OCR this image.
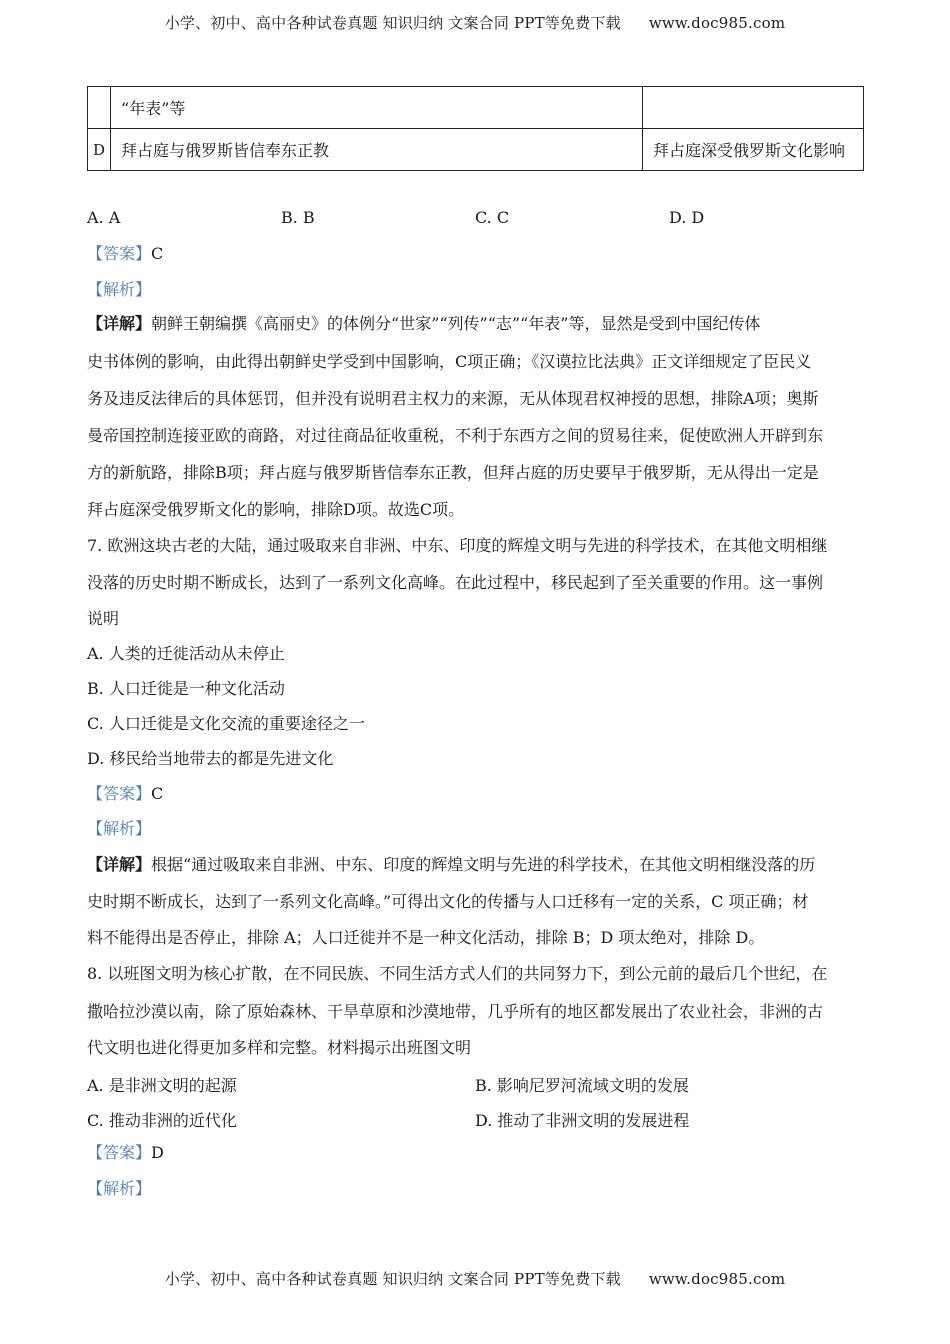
小学、初中、高中各种试卷真题 知识归纳 文案合同 PPT等免费下载 www.doc985.com
	“年表”等	
D	拜占庭与俄罗斯皆信奉东正教	拜占庭深受俄罗斯文化影响
A. A	B. B	C. C	D. D
【答案】C
【解析】
【详解】朝鲜王朝编撰《高丽史》的体例分“世家”“列传”“志”“年表”等，显然是受到中国纪传体
史书体例的影响，由此得出朝鲜史学受到中国影响，C项正确；《汉谟拉比法典》正文详细规定了臣民义
务及违反法律后的具体惩罚，但并没有说明君主权力的来源，无从体现君权神授的思想，排除A项；奥斯
曼帝国控制连接亚欧的商路，对过往商品征收重税，不利于东西方之间的贸易往来，促使欧洲人开辟到东
方的新航路，排除B项；拜占庭与俄罗斯皆信奉东正教，但拜占庭的历史要早于俄罗斯，无从得出一定是
拜占庭深受俄罗斯文化的影响，排除D项。故选C项。
7. 欧洲这块古老的大陆，通过吸取来自非洲、中东、印度的辉煌文明与先进的科学技术，在其他文明相继
没落的历史时期不断成长，达到了一系列文化高峰。在此过程中，移民起到了至关重要的作用。这一事例
说明
A. 人类的迁徙活动从未停止
B. 人口迁徙是一种文化活动
C. 人口迁徙是文化交流的重要途径之一
D. 移民给当地带去的都是先进文化
【答案】C
【解析】
【详解】根据“通过吸取来自非洲、中东、印度的辉煌文明与先进的科学技术，在其他文明相继没落的历
史时期不断成长，达到了一系列文化高峰。”可得出文化的传播与人口迁移有一定的关系，C 项正确；材
料不能得出是否停止，排除 A；人口迁徙并不是一种文化活动，排除 B；D 项太绝对，排除 D。
8. 以班图文明为核心扩散，在不同民族、不同生活方式人们的共同努力下，到公元前的最后几个世纪，在
撒哈拉沙漠以南，除了原始森林、干旱草原和沙漠地带，几乎所有的地区都发展出了农业社会，非洲的古
代文明也进化得更加多样和完整。材料揭示出班图文明
A. 是非洲文明的起源	B. 影响尼罗河流域文明的发展
C. 推动非洲的近代化	D. 推动了非洲文明的发展进程
【答案】D
【解析】
小学、初中、高中各种试卷真题 知识归纳 文案合同 PPT等免费下载 www.doc985.com
